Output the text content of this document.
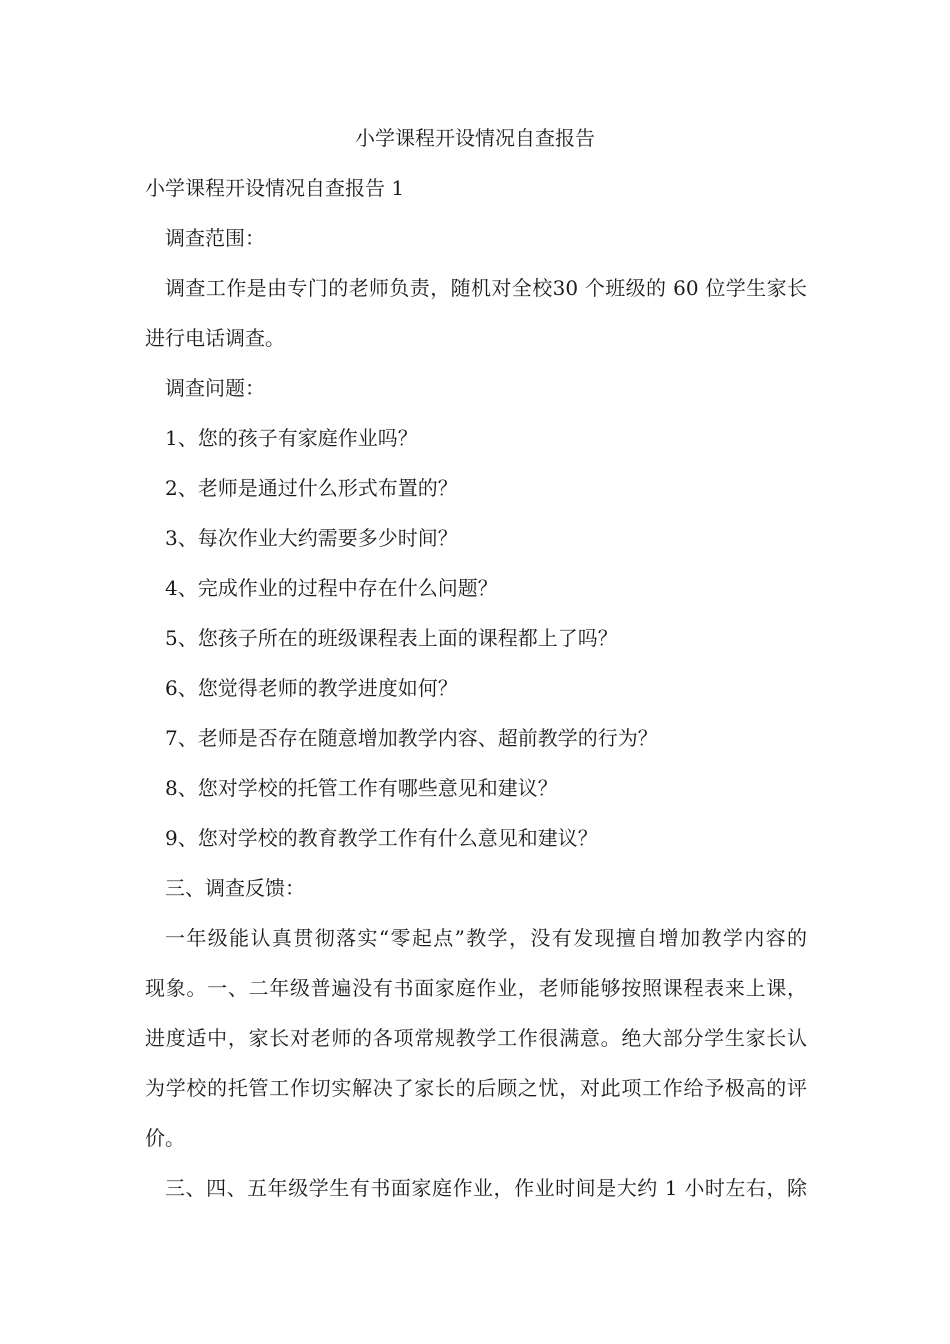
小学课程开设情况自查报告
小学课程开设情况自查报告 1
调查范围：
调查工作是由专门的老师负责，随机对全校30 个班级的 60 位学生家长
进行电话调查。
调查问题：
1、您的孩子有家庭作业吗？
2、老师是通过什么形式布置的？
3、每次作业大约需要多少时间？
4、完成作业的过程中存在什么问题？
5、您孩子所在的班级课程表上面的课程都上了吗？
6、您觉得老师的教学进度如何？
7、老师是否存在随意增加教学内容、超前教学的行为？
8、您对学校的托管工作有哪些意见和建议？
9、您对学校的教育教学工作有什么意见和建议？
三、调查反馈：
一年级能认真贯彻落实“零起点”教学，没有发现擅自增加教学内容的
现象。一、二年级普遍没有书面家庭作业，老师能够按照课程表来上课，
进度适中，家长对老师的各项常规教学工作很满意。绝大部分学生家长认
为学校的托管工作切实解决了家长的后顾之忧，对此项工作给予极高的评
价。
三、四、五年级学生有书面家庭作业，作业时间是大约 1 小时左右，除
